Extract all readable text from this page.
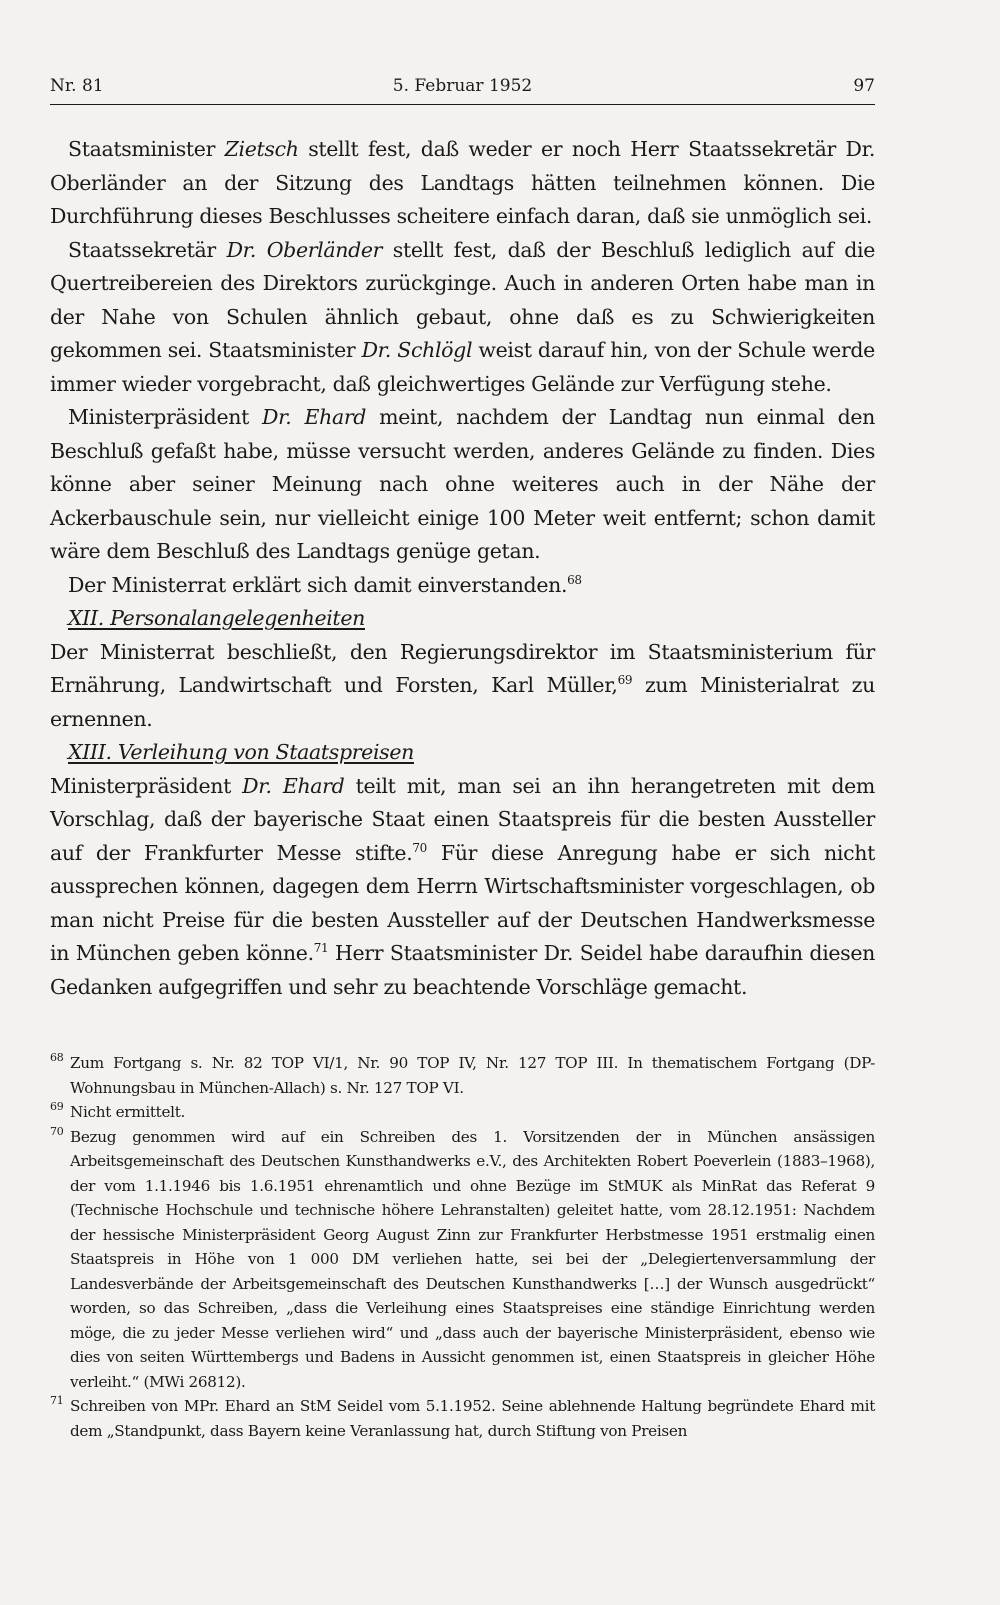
Nr. 81	5. Februar 1952	97

Staatsminister Zietsch stellt fest, daß weder er noch Herr Staatssekretär Dr. Oberländer an der Sitzung des Landtags hätten teilnehmen können. Die Durchführung dieses Beschlusses scheitere einfach daran, daß sie unmöglich sei.

Staatssekretär Dr. Oberländer stellt fest, daß der Beschluß lediglich auf die Quertreibereien des Direktors zurückginge. Auch in anderen Orten habe man in der Nahe von Schulen ähnlich gebaut, ohne daß es zu Schwierigkeiten gekommen sei. Staatsminister Dr. Schlögl weist darauf hin, von der Schule werde immer wieder vorgebracht, daß gleichwertiges Gelände zur Verfügung stehe.

Ministerpräsident Dr. Ehard meint, nachdem der Landtag nun einmal den Beschluß gefaßt habe, müsse versucht werden, anderes Gelände zu finden. Dies könne aber seiner Meinung nach ohne weiteres auch in der Nähe der Ackerbauschule sein, nur vielleicht einige 100 Meter weit entfernt; schon damit wäre dem Beschluß des Landtags genüge getan.

Der Ministerrat erklärt sich damit einverstanden.$^{68}$

XII. Personalangelegenheiten

Der Ministerrat beschließt, den Regierungsdirektor im Staatsministerium für Ernährung, Landwirtschaft und Forsten, Karl Müller,$^{69}$ zum Ministerialrat zu ernennen.

XIII. Verleihung von Staatspreisen

Ministerpräsident Dr. Ehard teilt mit, man sei an ihn herangetreten mit dem Vorschlag, daß der bayerische Staat einen Staatspreis für die besten Aussteller auf der Frankfurter Messe stifte.$^{70}$ Für diese Anregung habe er sich nicht aussprechen können, dagegen dem Herrn Wirtschaftsminister vorgeschlagen, ob man nicht Preise für die besten Aussteller auf der Deutschen Handwerksmesse in München geben könne.$^{71}$ Herr Staatsminister Dr. Seidel habe daraufhin diesen Gedanken aufgegriffen und sehr zu beachtende Vorschläge gemacht.

68 Zum Fortgang s. Nr. 82 TOP VI/1, Nr. 90 TOP IV, Nr. 127 TOP III. In thematischem Fortgang (DP-Wohnungsbau in München-Allach) s. Nr. 127 TOP VI.
69 Nicht ermittelt.
70 Bezug genommen wird auf ein Schreiben des 1. Vorsitzenden der in München ansässigen Arbeitsgemeinschaft des Deutschen Kunsthandwerks e.V., des Architekten Robert Poeverlein (1883–1968), der vom 1.1.1946 bis 1.6.1951 ehrenamtlich und ohne Bezüge im StMUK als MinRat das Referat 9 (Technische Hochschule und technische höhere Lehranstalten) geleitet hatte, vom 28.12.1951: Nachdem der hessische Ministerpräsident Georg August Zinn zur Frankfurter Herbstmesse 1951 erstmalig einen Staatspreis in Höhe von 1 000 DM verliehen hatte, sei bei der „Delegiertenversammlung der Landesverbände der Arbeitsgemeinschaft des Deutschen Kunsthandwerks […] der Wunsch ausgedrückt“ worden, so das Schreiben, „dass die Verleihung eines Staatspreises eine ständige Einrichtung werden möge, die zu jeder Messe verliehen wird“ und „dass auch der bayerische Ministerpräsident, ebenso wie dies von seiten Württembergs und Badens in Aussicht genommen ist, einen Staatspreis in gleicher Höhe verleiht.“ (MWi 26812).
71 Schreiben von MPr. Ehard an StM Seidel vom 5.1.1952. Seine ablehnende Haltung begründete Ehard mit dem „Standpunkt, dass Bayern keine Veranlassung hat, durch Stiftung von Preisen
